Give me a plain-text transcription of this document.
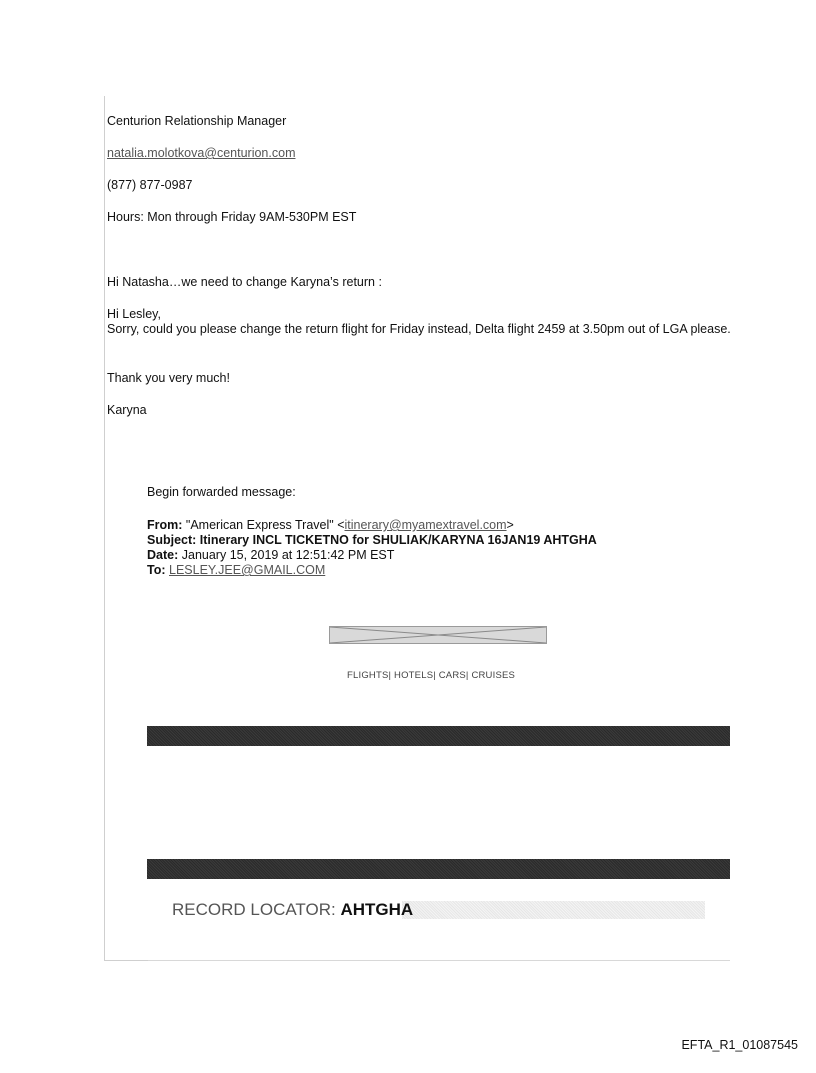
Centurion Relationship Manager
natalia.molotkova@centurion.com
(877) 877-0987
Hours: Mon through Friday 9AM-530PM EST
Hi Natasha…we need to change Karyna’s return :
Hi Lesley,
Sorry, could you please change the return flight for Friday instead, Delta flight 2459 at 3.50pm out of LGA please.
Thank you very much!
Karyna
Begin forwarded message:
From: "American Express Travel" <itinerary@myamextravel.com>
Subject: Itinerary INCL TICKETNO for SHULIAK/KARYNA 16JAN19 AHTGHA
Date: January 15, 2019 at 12:51:42 PM EST
To: LESLEY.JEE@GMAIL.COM
FLIGHTS| HOTELS| CARS| CRUISES
RECORD LOCATOR: AHTGHA
EFTA_R1_01087545
